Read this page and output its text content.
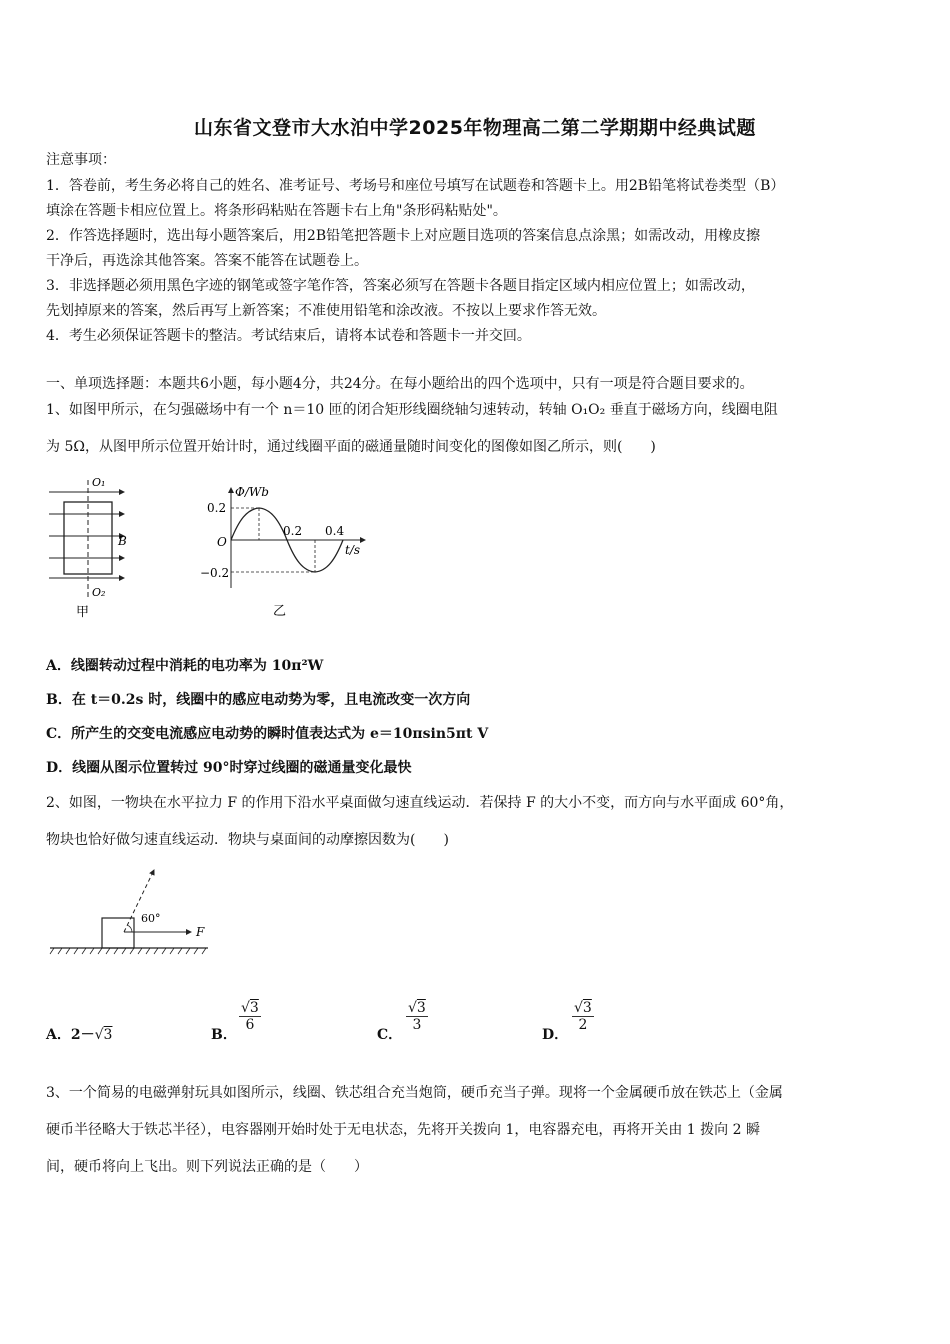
山东省文登市大水泊中学2025年物理高二第二学期期中经典试题
注意事项：
1．答卷前，考生务必将自己的姓名、准考证号、考场号和座位号填写在试题卷和答题卡上。用2B铅笔将试卷类型（B）
填涂在答题卡相应位置上。将条形码粘贴在答题卡右上角"条形码粘贴处"。
2．作答选择题时，选出每小题答案后，用2B铅笔把答题卡上对应题目选项的答案信息点涂黑；如需改动，用橡皮擦
干净后，再选涂其他答案。答案不能答在试题卷上。
3．非选择题必须用黑色字迹的钢笔或签字笔作答，答案必须写在答题卡各题目指定区域内相应位置上；如需改动，
先划掉原来的答案，然后再写上新答案；不准使用铅笔和涂改液。不按以上要求作答无效。
4．考生必须保证答题卡的整洁。考试结束后，请将本试卷和答题卡一并交回。
一、单项选择题：本题共6小题，每小题4分，共24分。在每小题给出的四个选项中，只有一项是符合题目要求的。
1、如图甲所示，在匀强磁场中有一个 n＝10 匝的闭合矩形线圈绕轴匀速转动，转轴 O₁O₂ 垂直于磁场方向，线圈电阻
为 5Ω，从图甲所示位置开始计时，通过线圈平面的磁通量随时间变化的图像如图乙所示，则(　　)
O₁
O₂
B
甲
Φ/Wb
0.2
O
−0.2
0.2 0.4
t/s
乙
A．线圈转动过程中消耗的电功率为 10π²W
B．在 t＝0.2s 时，线圈中的感应电动势为零，且电流改变一次方向
C．所产生的交变电流感应电动势的瞬时值表达式为 e＝10πsin5πt V
D．线圈从图示位置转过 90°时穿过线圈的磁通量变化最快
2、如图，一物块在水平拉力 F 的作用下沿水平桌面做匀速直线运动．若保持 F 的大小不变，而方向与水平面成 60°角，
物块也恰好做匀速直线运动．物块与桌面间的动摩擦因数为(　　)
60°
F
A．2－√3	B．
$\frac{√3}{6}$
C．
$\frac{√3}{3}$
D．
$\frac{√3}{2}$
3、一个简易的电磁弹射玩具如图所示，线圈、铁芯组合充当炮筒，硬币充当子弹。现将一个金属硬币放在铁芯上（金属
硬币半径略大于铁芯半径），电容器刚开始时处于无电状态，先将开关拨向 1，电容器充电，再将开关由 1 拨向 2 瞬
间，硬币将向上飞出。则下列说法正确的是（　　）
